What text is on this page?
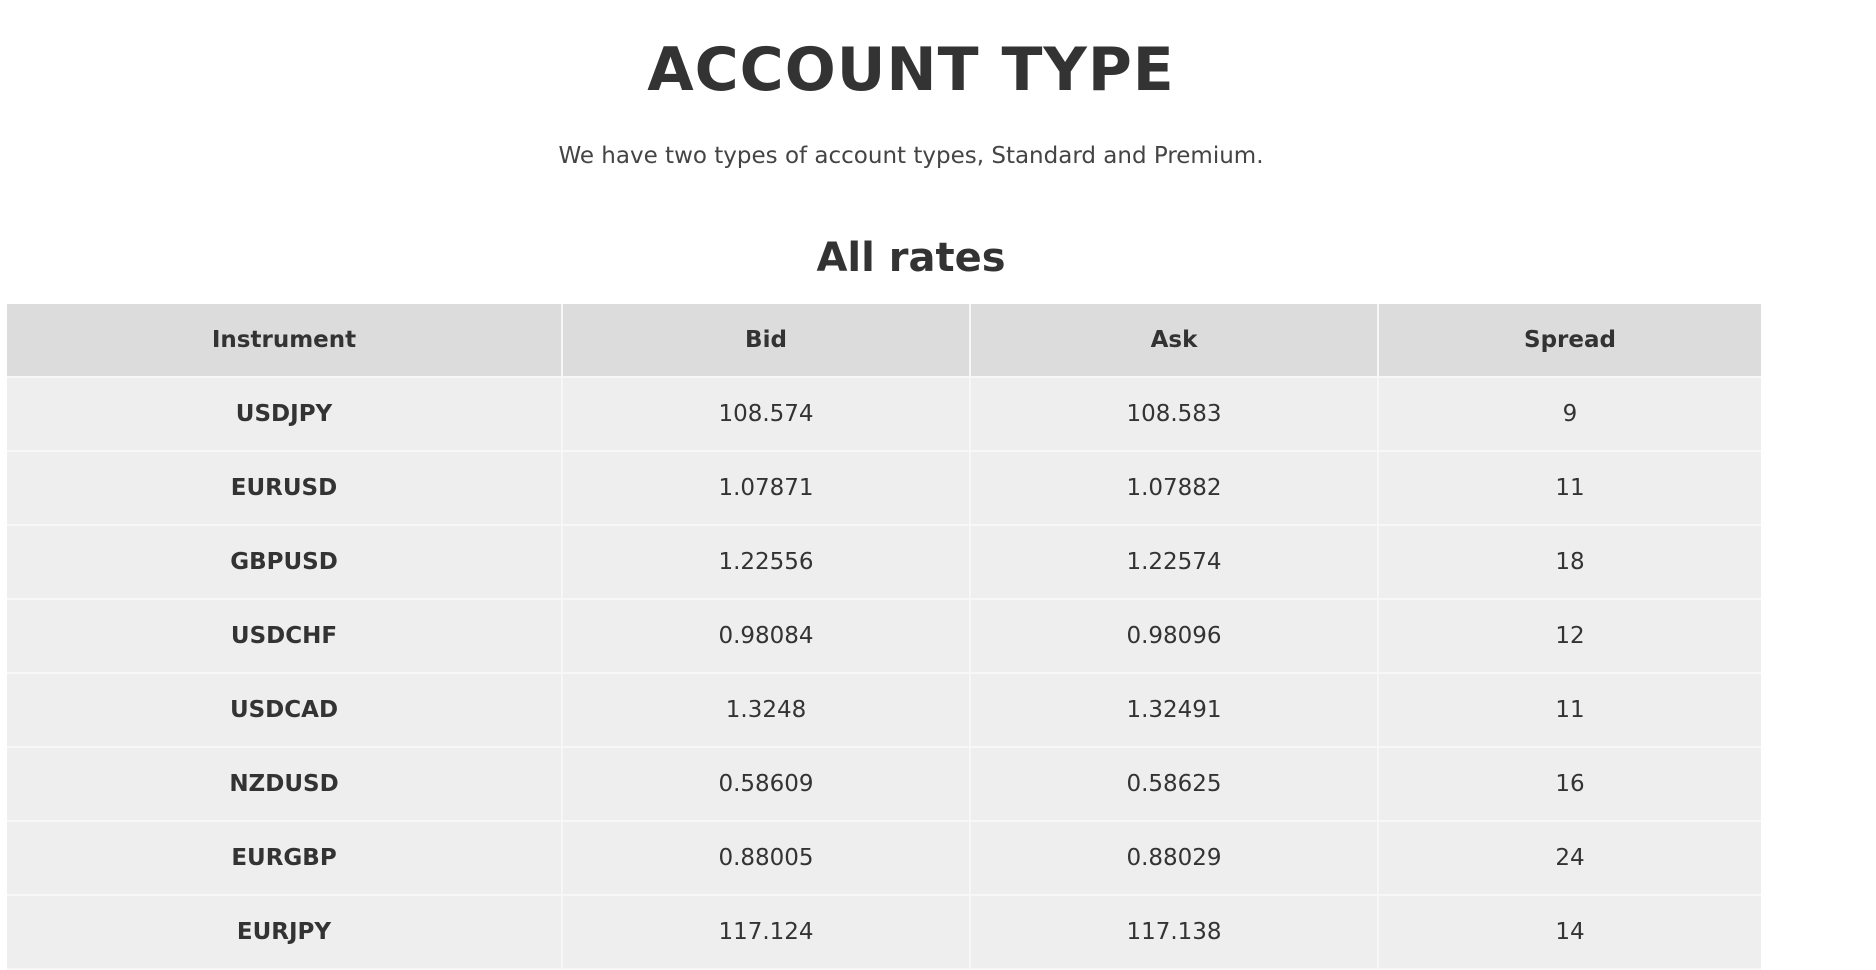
ACCOUNT TYPE

We have two types of account types, Standard and Premium.

All rates
Instrument	Bid	Ask	Spread
USDJPY	108.574	108.583	9
EURUSD	1.07871	1.07882	11
GBPUSD	1.22556	1.22574	18
USDCHF	0.98084	0.98096	12
USDCAD	1.3248	1.32491	11
NZDUSD	0.58609	0.58625	16
EURGBP	0.88005	0.88029	24
EURJPY	117.124	117.138	14
